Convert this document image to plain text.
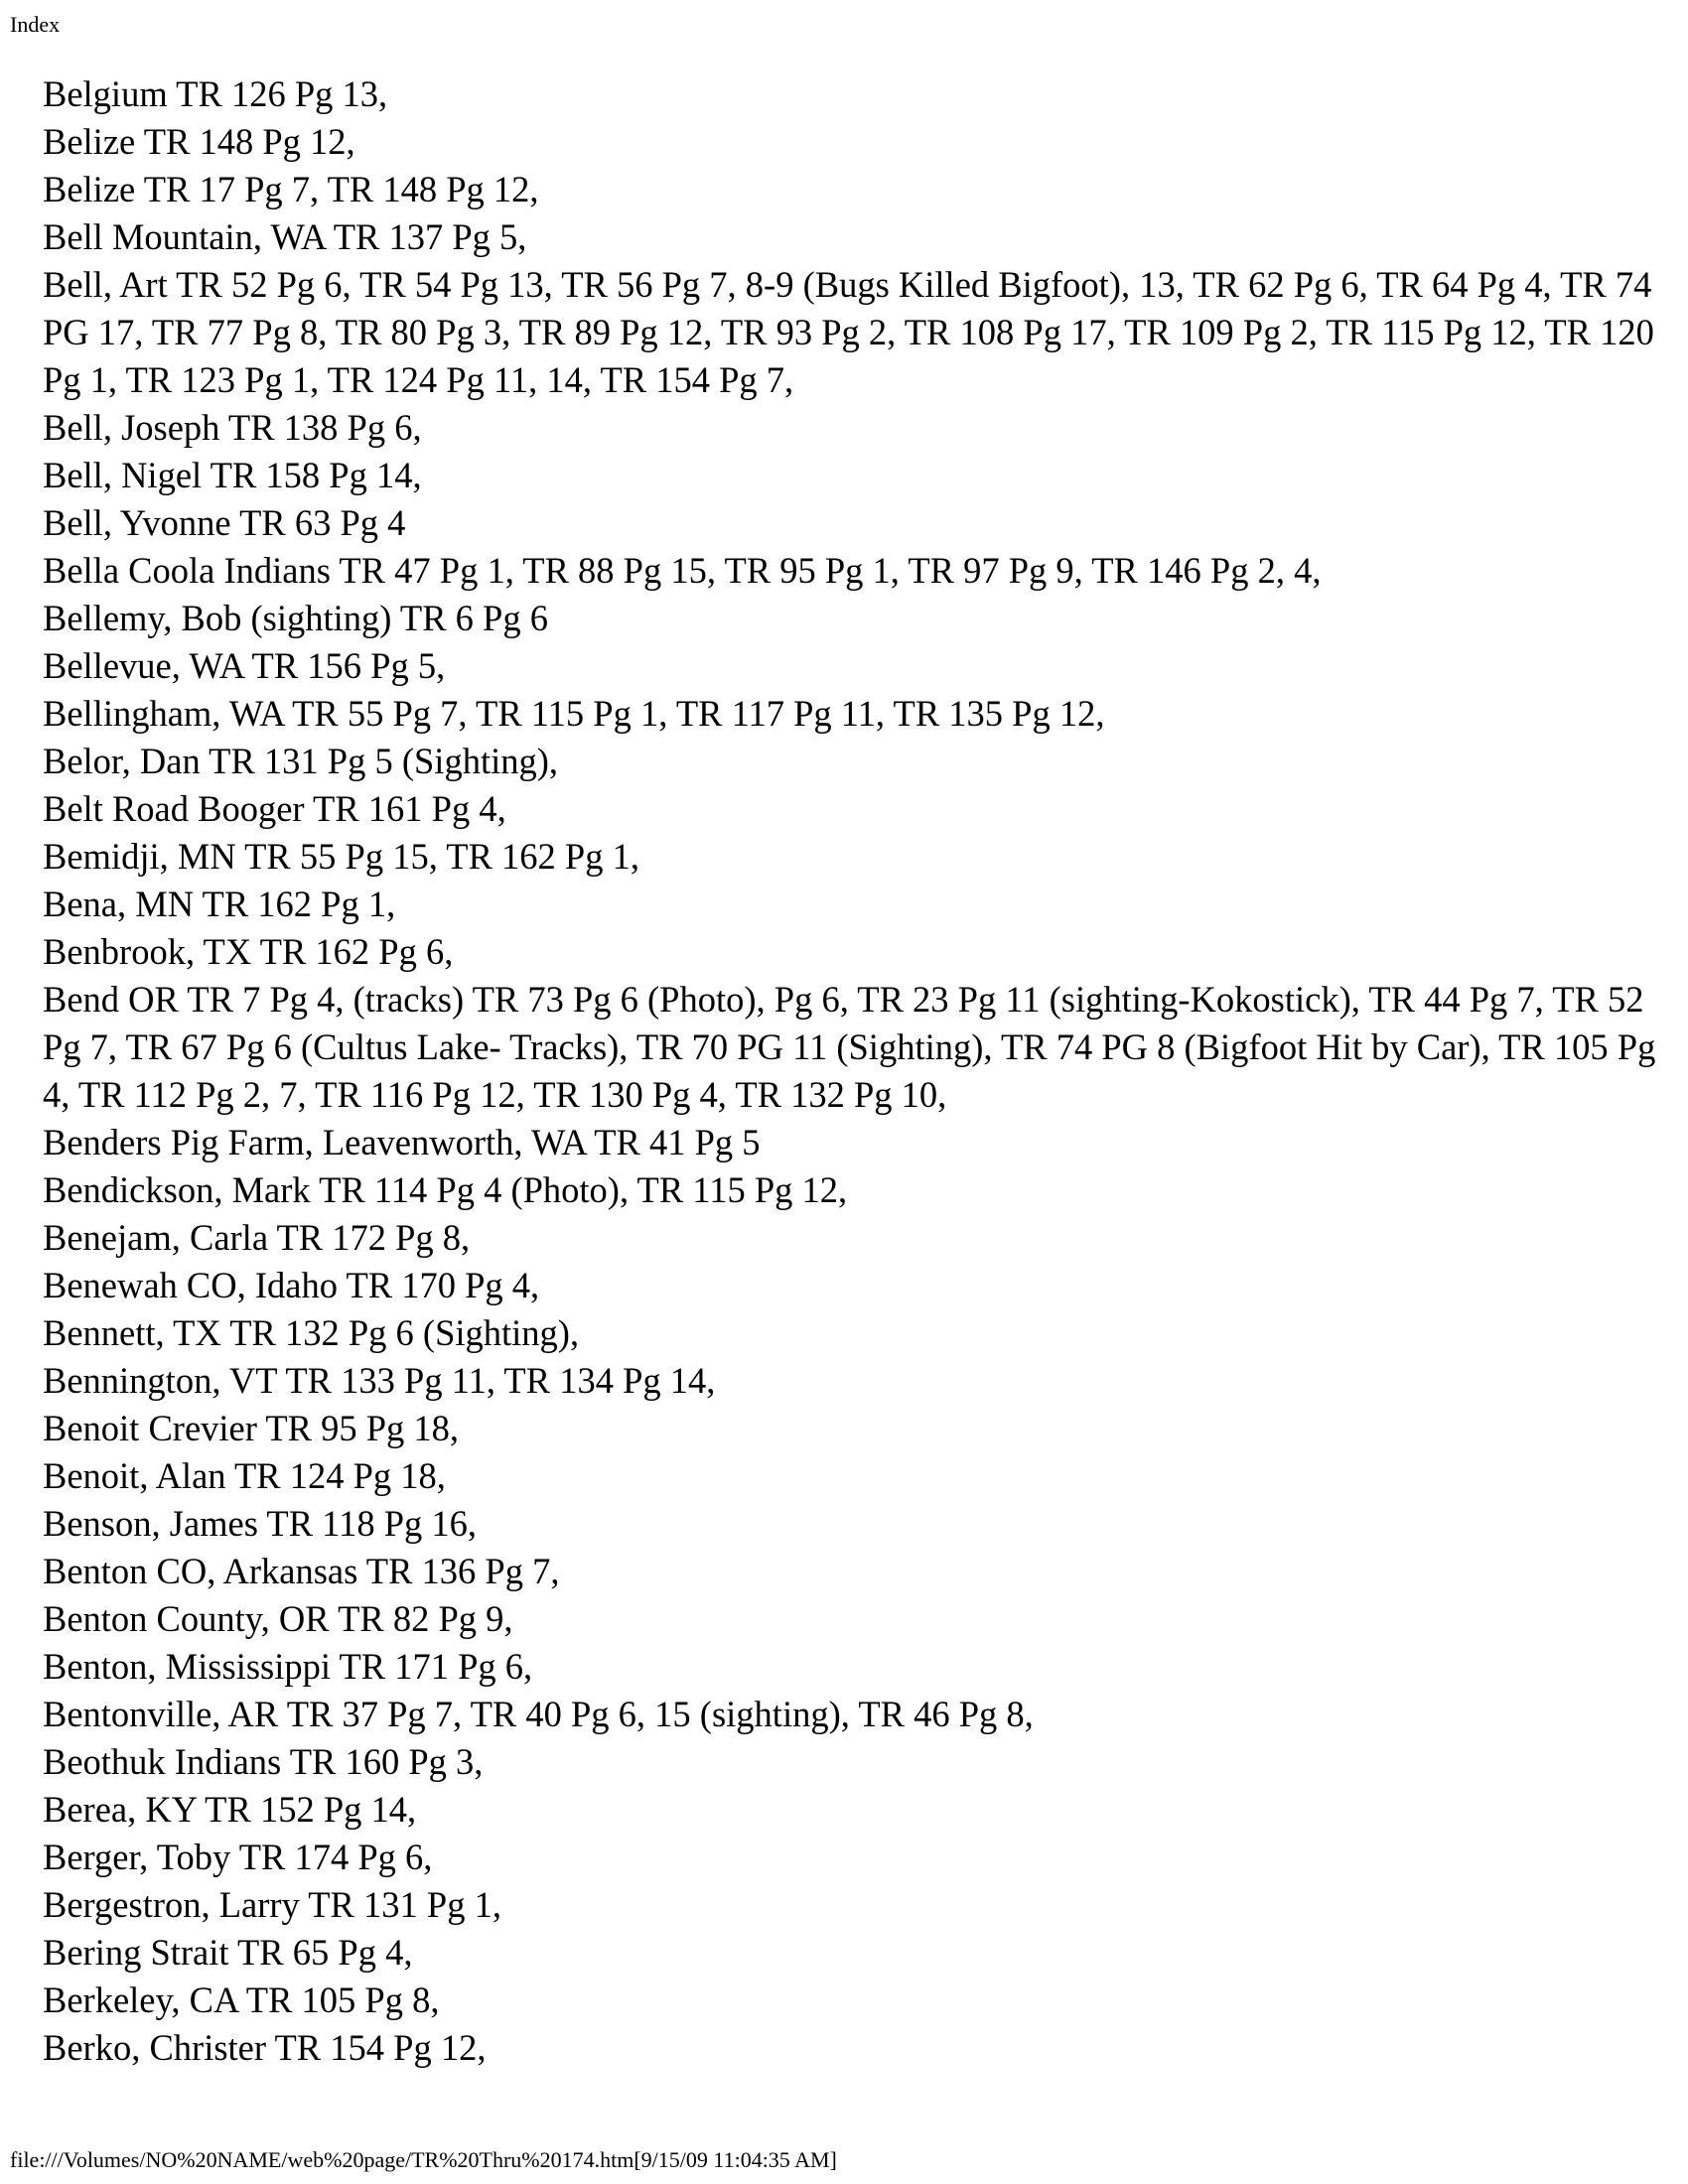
Index
Belgium TR 126 Pg 13,
Belize TR 148 Pg 12,
Belize TR 17 Pg 7, TR 148 Pg 12,
Bell Mountain, WA TR 137 Pg 5,
Bell, Art TR 52 Pg 6, TR 54 Pg 13, TR 56 Pg 7, 8-9 (Bugs Killed Bigfoot), 13, TR 62 Pg 6, TR 64 Pg 4, TR 74 PG 17, TR 77 Pg 8, TR 80 Pg 3, TR 89 Pg 12, TR 93 Pg 2, TR 108 Pg 17, TR 109 Pg 2, TR 115 Pg 12, TR 120 Pg 1, TR 123 Pg 1, TR 124 Pg 11, 14, TR 154 Pg 7,
Bell, Joseph TR 138 Pg 6,
Bell, Nigel TR 158 Pg 14,
Bell, Yvonne TR 63 Pg 4
Bella Coola Indians TR 47 Pg 1, TR 88 Pg 15, TR 95 Pg 1, TR 97 Pg 9, TR 146 Pg 2, 4,
Bellemy, Bob (sighting) TR 6 Pg 6
Bellevue, WA TR 156 Pg 5,
Bellingham, WA TR 55 Pg 7, TR 115 Pg 1, TR 117 Pg 11, TR 135 Pg 12,
Belor, Dan TR 131 Pg 5 (Sighting),
Belt Road Booger TR 161 Pg 4,
Bemidji, MN TR 55 Pg 15, TR 162 Pg 1,
Bena, MN TR 162 Pg 1,
Benbrook, TX TR 162 Pg 6,
Bend OR TR 7 Pg 4, (tracks) TR 73 Pg 6 (Photo), Pg 6, TR 23 Pg 11 (sighting-Kokostick), TR 44 Pg 7, TR 52 Pg 7, TR 67 Pg 6 (Cultus Lake- Tracks), TR 70 PG 11 (Sighting), TR 74 PG 8 (Bigfoot Hit by Car), TR 105 Pg 4, TR 112 Pg 2, 7, TR 116 Pg 12, TR 130 Pg 4, TR 132 Pg 10,
Benders Pig Farm, Leavenworth, WA TR 41 Pg 5
Bendickson, Mark TR 114 Pg 4 (Photo), TR 115 Pg 12,
Benejam, Carla TR 172 Pg 8,
Benewah CO, Idaho TR 170 Pg 4,
Bennett, TX TR 132 Pg 6 (Sighting),
Bennington, VT TR 133 Pg 11, TR 134 Pg 14,
Benoit Crevier TR 95 Pg 18,
Benoit, Alan TR 124 Pg 18,
Benson, James TR 118 Pg 16,
Benton CO, Arkansas TR 136 Pg 7,
Benton County, OR TR 82 Pg 9,
Benton, Mississippi TR 171 Pg 6,
Bentonville, AR TR 37 Pg 7, TR 40 Pg 6, 15 (sighting), TR 46 Pg 8,
Beothuk Indians TR 160 Pg 3,
Berea, KY TR 152 Pg 14,
Berger, Toby TR 174 Pg 6,
Bergestron, Larry TR 131 Pg 1,
Bering Strait TR 65 Pg 4,
Berkeley, CA TR 105 Pg 8,
Berko, Christer TR 154 Pg 12,
file:///Volumes/NO%20NAME/web%20page/TR%20Thru%20174.htm[9/15/09 11:04:35 AM]
